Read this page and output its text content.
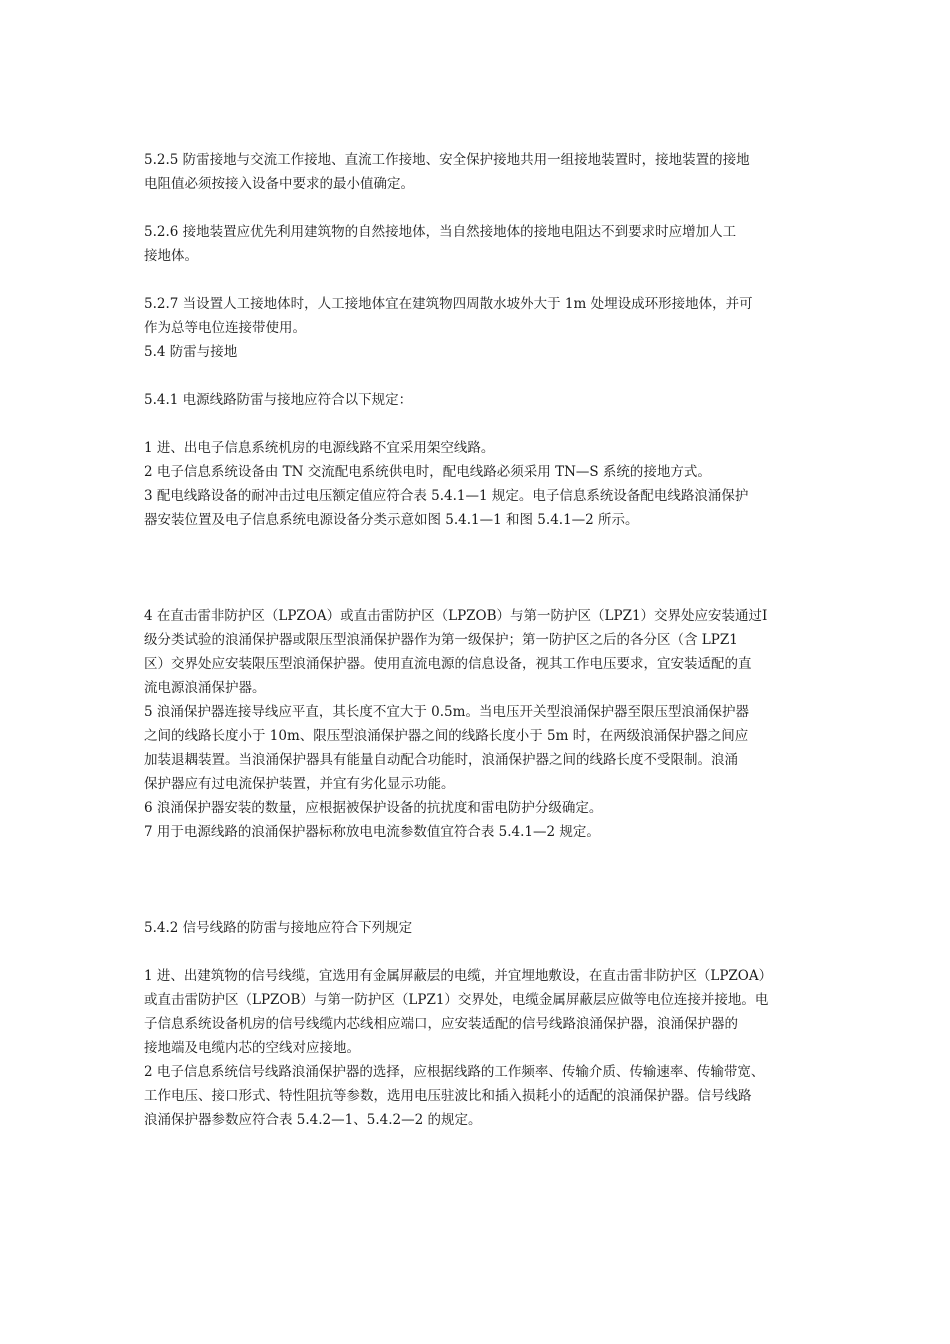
5.2.5 防雷接地与交流工作接地、直流工作接地、安全保护接地共用一组接地装置时，接地装置的接地
电阻值必须按接入设备中要求的最小值确定。
5.2.6 接地装置应优先利用建筑物的自然接地体，当自然接地体的接地电阻达不到要求时应增加人工
接地体。
5.2.7 当设置人工接地体时，人工接地体宜在建筑物四周散水坡外大于 1m 处埋设成环形接地体，并可
作为总等电位连接带使用。
5.4 防雷与接地
5.4.1 电源线路防雷与接地应符合以下规定：
1 进、出电子信息系统机房的电源线路不宜采用架空线路。
2 电子信息系统设备由 TN 交流配电系统供电时，配电线路必须采用 TN—S 系统的接地方式。
3 配电线路设备的耐冲击过电压额定值应符合表 5.4.1—1 规定。电子信息系统设备配电线路浪涌保护
器安装位置及电子信息系统电源设备分类示意如图 5.4.1—1 和图 5.4.1—2 所示。
4 在直击雷非防护区（LPZOA）或直击雷防护区（LPZOB）与第一防护区（LPZ1）交界处应安装通过Ⅰ
级分类试验的浪涌保护器或限压型浪涌保护器作为第一级保护；第一防护区之后的各分区（含 LPZ1
区）交界处应安装限压型浪涌保护器。使用直流电源的信息设备，视其工作电压要求，宜安装适配的直
流电源浪涌保护器。
5 浪涌保护器连接导线应平直，其长度不宜大于 0.5m。当电压开关型浪涌保护器至限压型浪涌保护器
之间的线路长度小于 10m、限压型浪涌保护器之间的线路长度小于 5m 时，在两级浪涌保护器之间应
加装退耦装置。当浪涌保护器具有能量自动配合功能时，浪涌保护器之间的线路长度不受限制。浪涌
保护器应有过电流保护装置，并宜有劣化显示功能。
6 浪涌保护器安装的数量，应根据被保护设备的抗扰度和雷电防护分级确定。
7 用于电源线路的浪涌保护器标称放电电流参数值宜符合表 5.4.1—2 规定。
5.4.2 信号线路的防雷与接地应符合下列规定
1 进、出建筑物的信号线缆，宜选用有金属屏蔽层的电缆，并宜埋地敷设，在直击雷非防护区（LPZOA）
或直击雷防护区（LPZOB）与第一防护区（LPZ1）交界处，电缆金属屏蔽层应做等电位连接并接地。电
子信息系统设备机房的信号线缆内芯线相应端口，应安装适配的信号线路浪涌保护器，浪涌保护器的
接地端及电缆内芯的空线对应接地。
2 电子信息系统信号线路浪涌保护器的选择，应根据线路的工作频率、传输介质、传输速率、传输带宽、
工作电压、接口形式、特性阻抗等参数，选用电压驻波比和插入损耗小的适配的浪涌保护器。信号线路
浪涌保护器参数应符合表 5.4.2—1、5.4.2—2 的规定。
